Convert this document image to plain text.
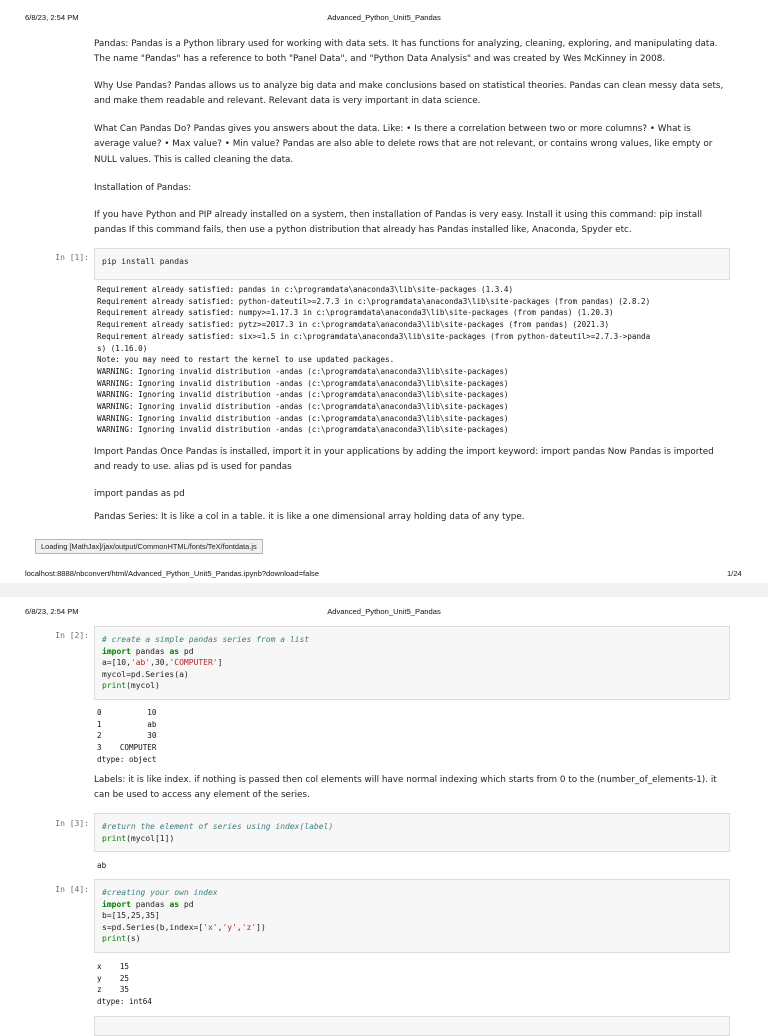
6/8/23, 2:54 PM	Advanced_Python_Unit5_Pandas

Pandas: Pandas is a Python library used for working with data sets. It has functions for analyzing, cleaning, exploring, and manipulating data. The name "Pandas" has a reference to both "Panel Data", and "Python Data Analysis" and was created by Wes McKinney in 2008.

Why Use Pandas? Pandas allows us to analyze big data and make conclusions based on statistical theories. Pandas can clean messy data sets, and make them readable and relevant. Relevant data is very important in data science.

What Can Pandas Do? Pandas gives you answers about the data. Like: • Is there a correlation between two or more columns? • What is average value? • Max value? • Min value? Pandas are also able to delete rows that are not relevant, or contains wrong values, like empty or NULL values. This is called cleaning the data.

Installation of Pandas:

If you have Python and PIP already installed on a system, then installation of Pandas is very easy. Install it using this command: pip install pandas If this command fails, then use a python distribution that already has Pandas installed like, Anaconda, Spyder etc.

In [1]: pip install pandas
Requirement already satisfied: pandas in c:\programdata\anaconda3\lib\site-packages (1.3.4)
Requirement already satisfied: python-dateutil>=2.7.3 in c:\programdata\anaconda3\lib\site-packages (from pandas) (2.8.2)
Requirement already satisfied: numpy>=1.17.3 in c:\programdata\anaconda3\lib\site-packages (from pandas) (1.20.3)
Requirement already satisfied: pytz>=2017.3 in c:\programdata\anaconda3\lib\site-packages (from pandas) (2021.3)
Requirement already satisfied: six>=1.5 in c:\programdata\anaconda3\lib\site-packages (from python-dateutil>=2.7.3->panda
s) (1.16.0)
Note: you may need to restart the kernel to use updated packages.
WARNING: Ignoring invalid distribution -andas (c:\programdata\anaconda3\lib\site-packages)
WARNING: Ignoring invalid distribution -andas (c:\programdata\anaconda3\lib\site-packages)
WARNING: Ignoring invalid distribution -andas (c:\programdata\anaconda3\lib\site-packages)
WARNING: Ignoring invalid distribution -andas (c:\programdata\anaconda3\lib\site-packages)
WARNING: Ignoring invalid distribution -andas (c:\programdata\anaconda3\lib\site-packages)
WARNING: Ignoring invalid distribution -andas (c:\programdata\anaconda3\lib\site-packages)

Import Pandas Once Pandas is installed, import it in your applications by adding the import keyword: import pandas Now Pandas is imported and ready to use. alias pd is used for pandas

import pandas as pd

Pandas Series: It is like a col in a table. it is like a one dimensional array holding data of any type.

Loading [MathJax]/jax/output/CommonHTML/fonts/TeX/fontdata.js
localhost:8888/nbconvert/html/Advanced_Python_Unit5_Pandas.ipynb?download=false	1/24
6/8/23, 2:54 PM	Advanced_Python_Unit5_Pandas
In [2]: # create a simple pandas series from a list
import pandas as pd
a=[10,'ab',30,'COMPUTER']
mycol=pd.Series(a)
print(mycol)
0          10
1          ab
2          30
3    COMPUTER
dtype: object

Labels: it is like index. if nothing is passed then col elements will have normal indexing which starts from 0 to the (number_of_elements-1). it can be used to access any element of the series.

In [3]: #return the element of series using index(label)
print(mycol[1])
ab
In [4]: #creating your own index
import pandas as pd
b=[15,25,35]
s=pd.Series(b,index=['x','y','z'])
print(s)
x    15
y    25
z    35
dtype: int64
